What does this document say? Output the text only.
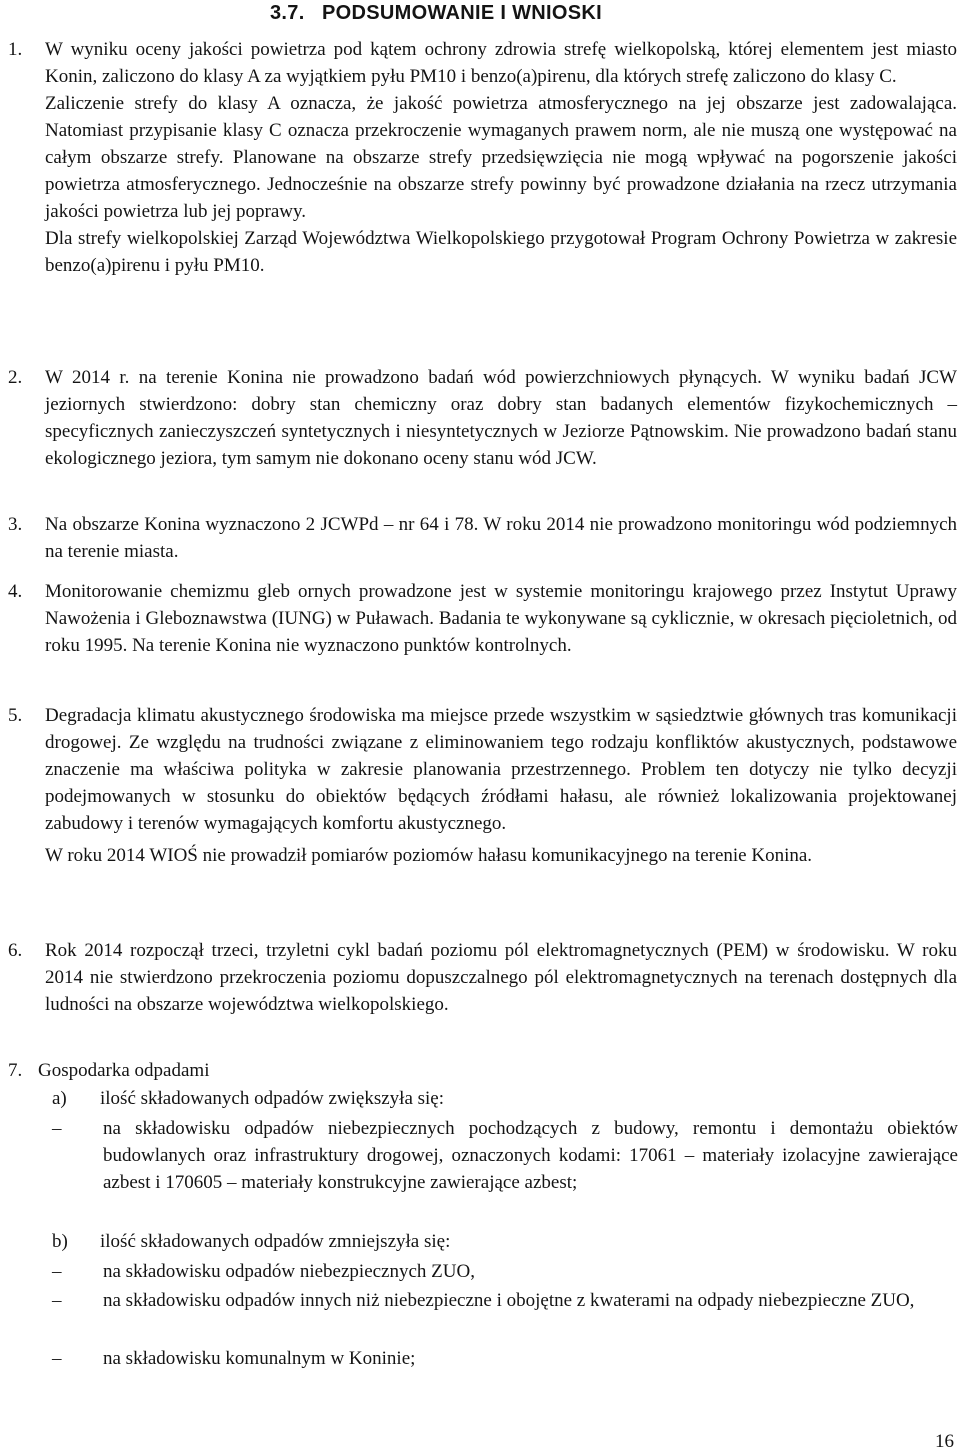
3.7. PODSUMOWANIE I WNIOSKI
1. W wyniku oceny jakości powietrza pod kątem ochrony zdrowia strefę wielkopolską, której elementem jest miasto Konin, zaliczono do klasy A za wyjątkiem pyłu PM10 i benzo(a)pirenu, dla których strefę zaliczono do klasy C.

Zaliczenie strefy do klasy A oznacza, że jakość powietrza atmosferycznego na jej obszarze jest zadowalająca. Natomiast przypisanie klasy C oznacza przekroczenie wymaganych prawem norm, ale nie muszą one występować na całym obszarze strefy. Planowane na obszarze strefy przedsięwzięcia nie mogą wpływać na pogorszenie jakości powietrza atmosferycznego. Jednocześnie na obszarze strefy powinny być prowadzone działania na rzecz utrzymania jakości powietrza lub jej poprawy.

Dla strefy wielkopolskiej Zarząd Województwa Wielkopolskiego przygotował Program Ochrony Powietrza w zakresie benzo(a)pirenu i pyłu PM10.

2. W 2014 r. na terenie Konina nie prowadzono badań wód powierzchniowych płynących. W wyniku badań JCW jeziornych stwierdzono: dobry stan chemiczny oraz dobry stan badanych elementów fizykochemicznych – specyficznych zanieczyszczeń syntetycznych i niesyntetycznych w Jeziorze Pątnowskim. Nie prowadzono badań stanu ekologicznego jeziora, tym samym nie dokonano oceny stanu wód JCW.

3. Na obszarze Konina wyznaczono 2 JCWPd – nr 64 i 78. W roku 2014 nie prowadzono monitoringu wód podziemnych na terenie miasta.

4. Monitorowanie chemizmu gleb ornych prowadzone jest w systemie monitoringu krajowego przez Instytut Uprawy Nawożenia i Gleboznawstwa (IUNG) w Puławach. Badania te wykonywane są cyklicznie, w okresach pięcioletnich, od roku 1995. Na terenie Konina nie wyznaczono punktów kontrolnych.

5. Degradacja klimatu akustycznego środowiska ma miejsce przede wszystkim w sąsiedztwie głównych tras komunikacji drogowej. Ze względu na trudności związane z eliminowaniem tego rodzaju konfliktów akustycznych, podstawowe znaczenie ma właściwa polityka w zakresie planowania przestrzennego. Problem ten dotyczy nie tylko decyzji podejmowanych w stosunku do obiektów będących źródłami hałasu, ale również lokalizowania projektowanej zabudowy i terenów wymagających komfortu akustycznego.

W roku 2014 WIOŚ nie prowadził pomiarów poziomów hałasu komunikacyjnego na terenie Konina.

6. Rok 2014 rozpoczął trzeci, trzyletni cykl badań poziomu pól elektromagnetycznych (PEM) w środowisku. W roku 2014 nie stwierdzono przekroczenia poziomu dopuszczalnego pól elektromagnetycznych na terenach dostępnych dla ludności na obszarze województwa wielkopolskiego.

7. Gospodarka odpadami
a) ilość składowanych odpadów zwiększyła się:
– na składowisku odpadów niebezpiecznych pochodzących z budowy, remontu i demontażu obiektów budowlanych oraz infrastruktury drogowej, oznaczonych kodami: 17061 – materiały izolacyjne zawierające azbest i 170605 – materiały konstrukcyjne zawierające azbest;
b) ilość składowanych odpadów zmniejszyła się:
– na składowisku odpadów niebezpiecznych ZUO,
– na składowisku odpadów innych niż niebezpieczne i obojętne z kwaterami na odpady niebezpieczne ZUO,
– na składowisku komunalnym w Koninie;
16
